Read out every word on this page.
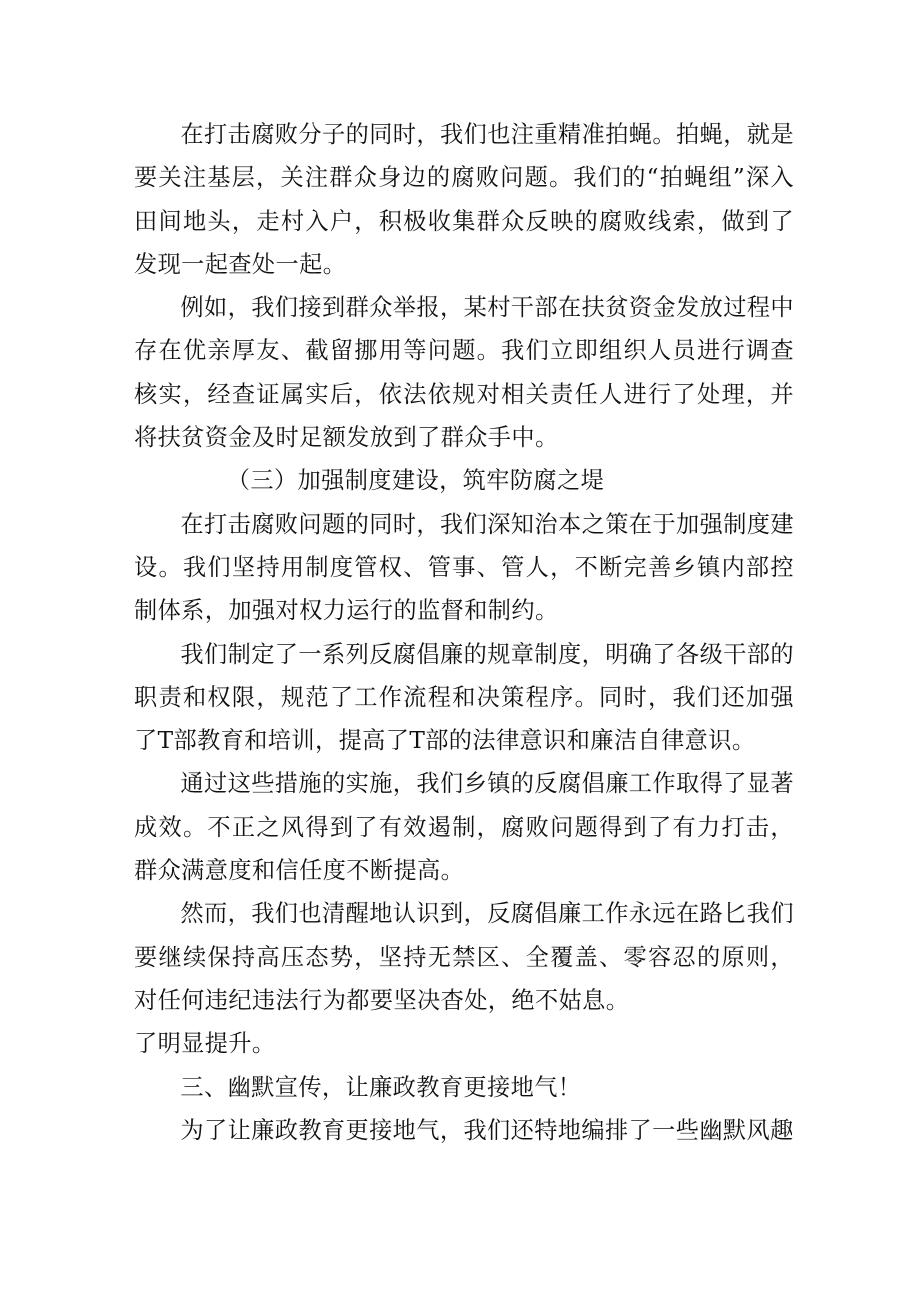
在打击腐败分子的同时，我们也注重精准拍蝇。拍蝇，就是要关注基层，关注群众身边的腐败问题。我们的“拍蝇组”深入田间地头，走村入户，积极收集群众反映的腐败线索，做到了发现一起查处一起。

例如，我们接到群众举报，某村干部在扶贫资金发放过程中存在优亲厚友、截留挪用等问题。我们立即组织人员进行调查核实，经查证属实后，依法依规对相关责任人进行了处理，并将扶贫资金及时足额发放到了群众手中。

（三）加强制度建设，筑牢防腐之堤

在打击腐败问题的同时，我们深知治本之策在于加强制度建设。我们坚持用制度管权、管事、管人，不断完善乡镇内部控制体系，加强对权力运行的监督和制约。

我们制定了一系列反腐倡廉的规章制度，明确了各级干部的职责和权限，规范了工作流程和决策程序。同时，我们还加强了T部教育和培训，提高了T部的法律意识和廉洁自律意识。

通过这些措施的实施，我们乡镇的反腐倡廉工作取得了显著成效。不正之风得到了有效遏制，腐败问题得到了有力打击，群众满意度和信任度不断提高。

然而，我们也清醒地认识到，反腐倡廉工作永远在路匕我们要继续保持高压态势，坚持无禁区、全覆盖、零容忍的原则，对任何违纪违法行为都要坚决杳处，绝不姑息。

了明显提升。

三、幽默宣传，让廉政教育更接地气！

为了让廉政教育更接地气，我们还特地编排了一些幽默风趣
